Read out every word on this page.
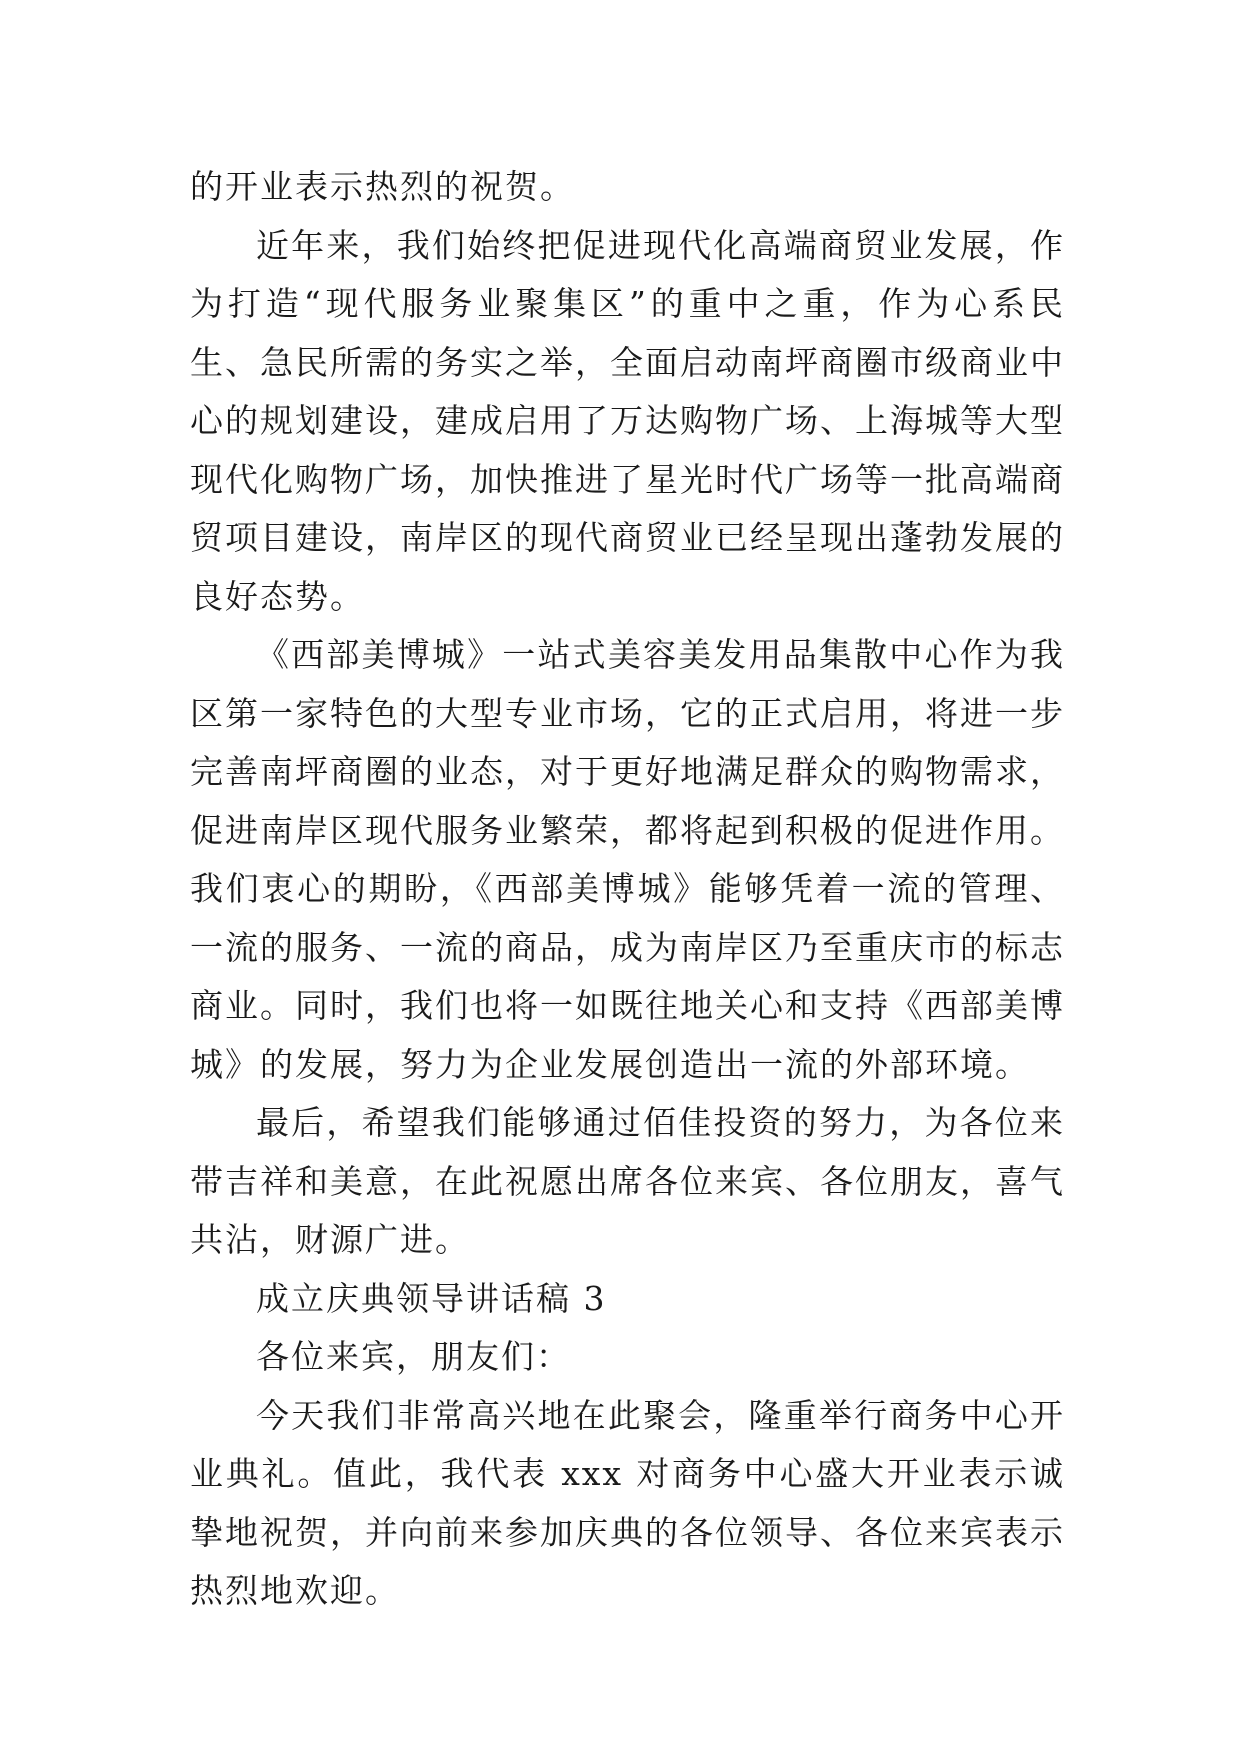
的开业表示热烈的祝贺。

近年来，我们始终把促进现代化高端商贸业发展，作为打造“现代服务业聚集区”的重中之重，作为心系民生、急民所需的务实之举，全面启动南坪商圈市级商业中心的规划建设，建成启用了万达购物广场、上海城等大型现代化购物广场，加快推进了星光时代广场等一批高端商贸项目建设，南岸区的现代商贸业已经呈现出蓬勃发展的良好态势。

《西部美博城》一站式美容美发用品集散中心作为我区第一家特色的大型专业市场，它的正式启用，将进一步完善南坪商圈的业态，对于更好地满足群众的购物需求，促进南岸区现代服务业繁荣，都将起到积极的促进作用。我们衷心的期盼，《西部美博城》能够凭着一流的管理、一流的服务、一流的商品，成为南岸区乃至重庆市的标志商业。同时，我们也将一如既往地关心和支持《西部美博城》的发展，努力为企业发展创造出一流的外部环境。

最后，希望我们能够通过佰佳投资的努力，为各位来带吉祥和美意，在此祝愿出席各位来宾、各位朋友，喜气共沾，财源广进。

成立庆典领导讲话稿 3

各位来宾，朋友们：

今天我们非常高兴地在此聚会，隆重举行商务中心开业典礼。值此，我代表 xxx 对商务中心盛大开业表示诚挚地祝贺，并向前来参加庆典的各位领导、各位来宾表示热烈地欢迎。
